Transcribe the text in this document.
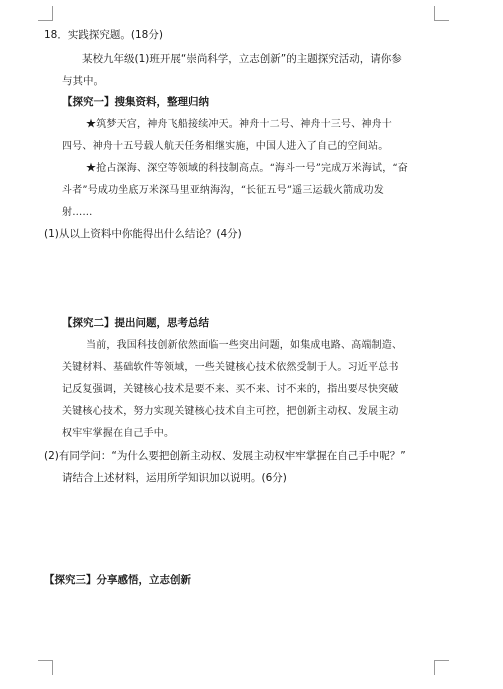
18．实践探究题。(18分)
某校九年级(1)班开展“崇尚科学，立志创新”的主题探究活动，请你参
与其中。
【探究一】搜集资料，整理归纳
★筑梦天宫，神舟飞船接续冲天。神舟十二号、神舟十三号、神舟十
四号、神舟十五号载人航天任务相继实施，中国人进入了自己的空间站。
★抢占深海、深空等领域的科技制高点。“海斗一号”完成万米海试，“奋
斗者”号成功坐底万米深马里亚纳海沟，“长征五号”遥三运载火箭成功发
射……
(1)从以上资料中你能得出什么结论？(4分)
【探究二】提出问题，思考总结
当前，我国科技创新依然面临一些突出问题，如集成电路、高端制造、
关键材料、基础软件等领域，一些关键核心技术依然受制于人。习近平总书
记反复强调，关键核心技术是要不来、买不来、讨不来的，指出要尽快突破
关键核心技术，努力实现关键核心技术自主可控，把创新主动权、发展主动
权牢牢掌握在自己手中。
(2)有同学问：“为什么要把创新主动权、发展主动权牢牢掌握在自己手中呢？”
请结合上述材料，运用所学知识加以说明。(6分)
【探究三】分享感悟，立志创新
